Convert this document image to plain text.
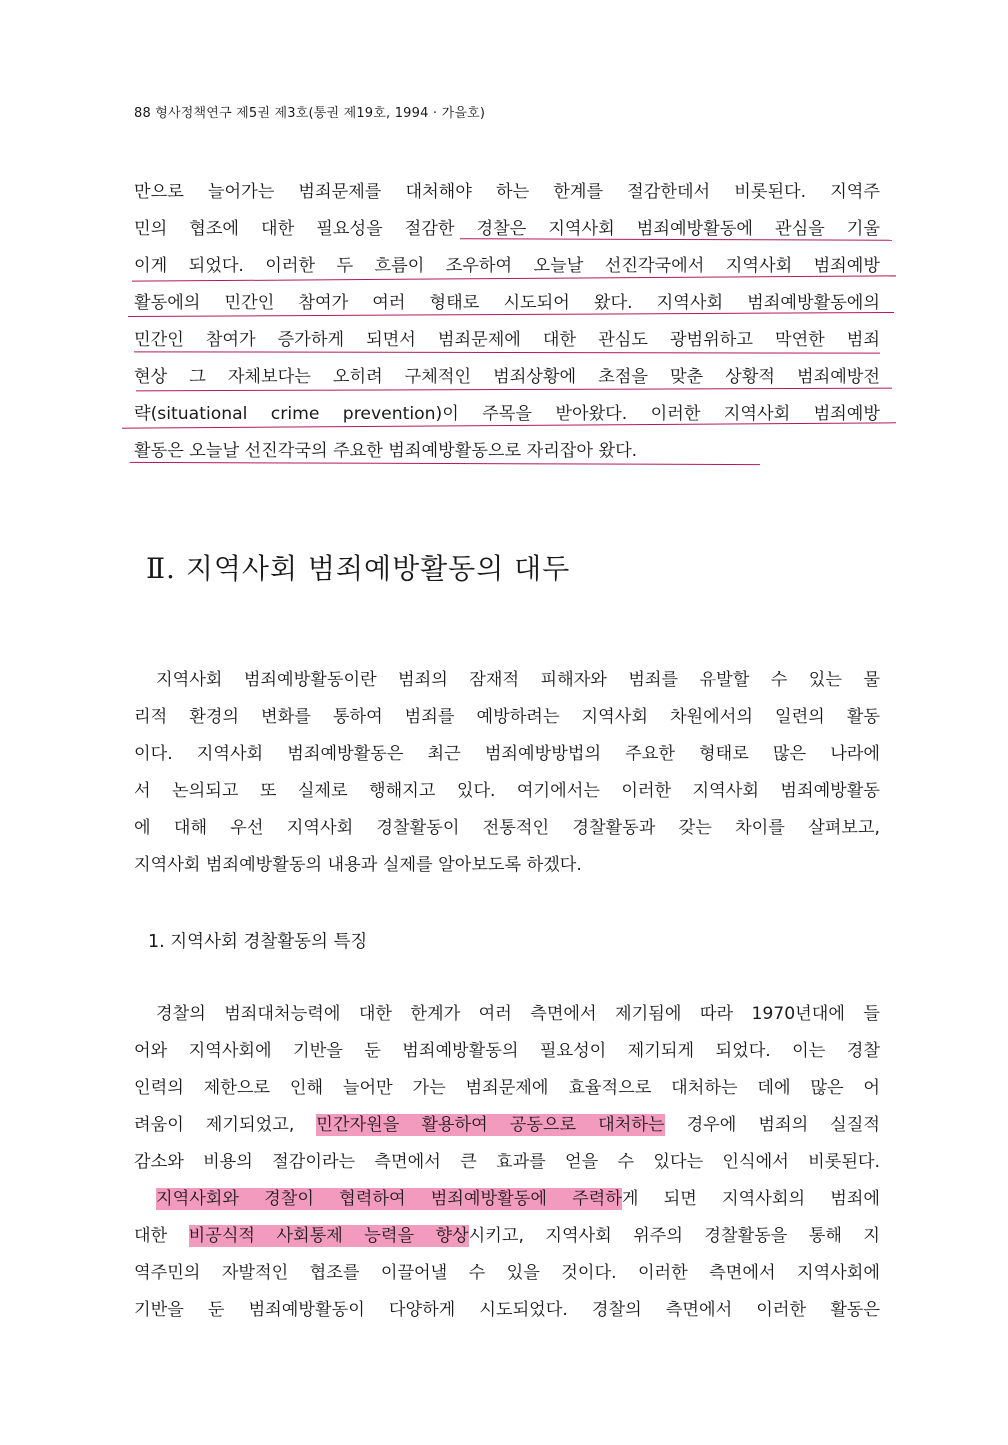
88 형사정책연구 제5권 제3호(통권 제19호, 1994 · 가을호)
만으로 늘어가는 범죄문제를 대처해야 하는 한계를 절감한데서 비롯된다. 지역주
민의 협조에 대한 필요성을 절감한 경찰은 지역사회 범죄예방활동에 관심을 기울
이게 되었다. 이러한 두 흐름이 조우하여 오늘날 선진각국에서 지역사회 범죄예방
활동에의 민간인 참여가 여러 형태로 시도되어 왔다. 지역사회 범죄예방활동에의
민간인 참여가 증가하게 되면서 범죄문제에 대한 관심도 광범위하고 막연한 범죄
현상 그 자체보다는 오히려 구체적인 범죄상황에 초점을 맞춘 상황적 범죄예방전
략(situational crime prevention)이 주목을 받아왔다. 이러한 지역사회 범죄예방
활동은 오늘날 선진각국의 주요한 범죄예방활동으로 자리잡아 왔다.
Ⅱ. 지역사회 범죄예방활동의 대두
지역사회 범죄예방활동이란 범죄의 잠재적 피해자와 범죄를 유발할 수 있는 물
리적 환경의 변화를 통하여 범죄를 예방하려는 지역사회 차원에서의 일련의 활동
이다. 지역사회 범죄예방활동은 최근 범죄예방방법의 주요한 형태로 많은 나라에
서 논의되고 또 실제로 행해지고 있다. 여기에서는 이러한 지역사회 범죄예방활동
에 대해 우선 지역사회 경찰활동이 전통적인 경찰활동과 갖는 차이를 살펴보고,
지역사회 범죄예방활동의 내용과 실제를 알아보도록 하겠다.
1. 지역사회 경찰활동의 특징
경찰의 범죄대처능력에 대한 한계가 여러 측면에서 제기됨에 따라 1970년대에 들
어와 지역사회에 기반을 둔 범죄예방활동의 필요성이 제기되게 되었다. 이는 경찰
인력의 제한으로 인해 늘어만 가는 범죄문제에 효율적으로 대처하는 데에 많은 어
려움이 제기되었고, 민간자원을 활용하여 공동으로 대처하는 경우에 범죄의 실질적
감소와 비용의 절감이라는 측면에서 큰 효과를 얻을 수 있다는 인식에서 비롯된다.
지역사회와 경찰이 협력하여 범죄예방활동에 주력하게 되면 지역사회의 범죄에
대한 비공식적 사회통제 능력을 향상시키고, 지역사회 위주의 경찰활동을 통해 지
역주민의 자발적인 협조를 이끌어낼 수 있을 것이다. 이러한 측면에서 지역사회에
기반을 둔 범죄예방활동이 다양하게 시도되었다. 경찰의 측면에서 이러한 활동은
